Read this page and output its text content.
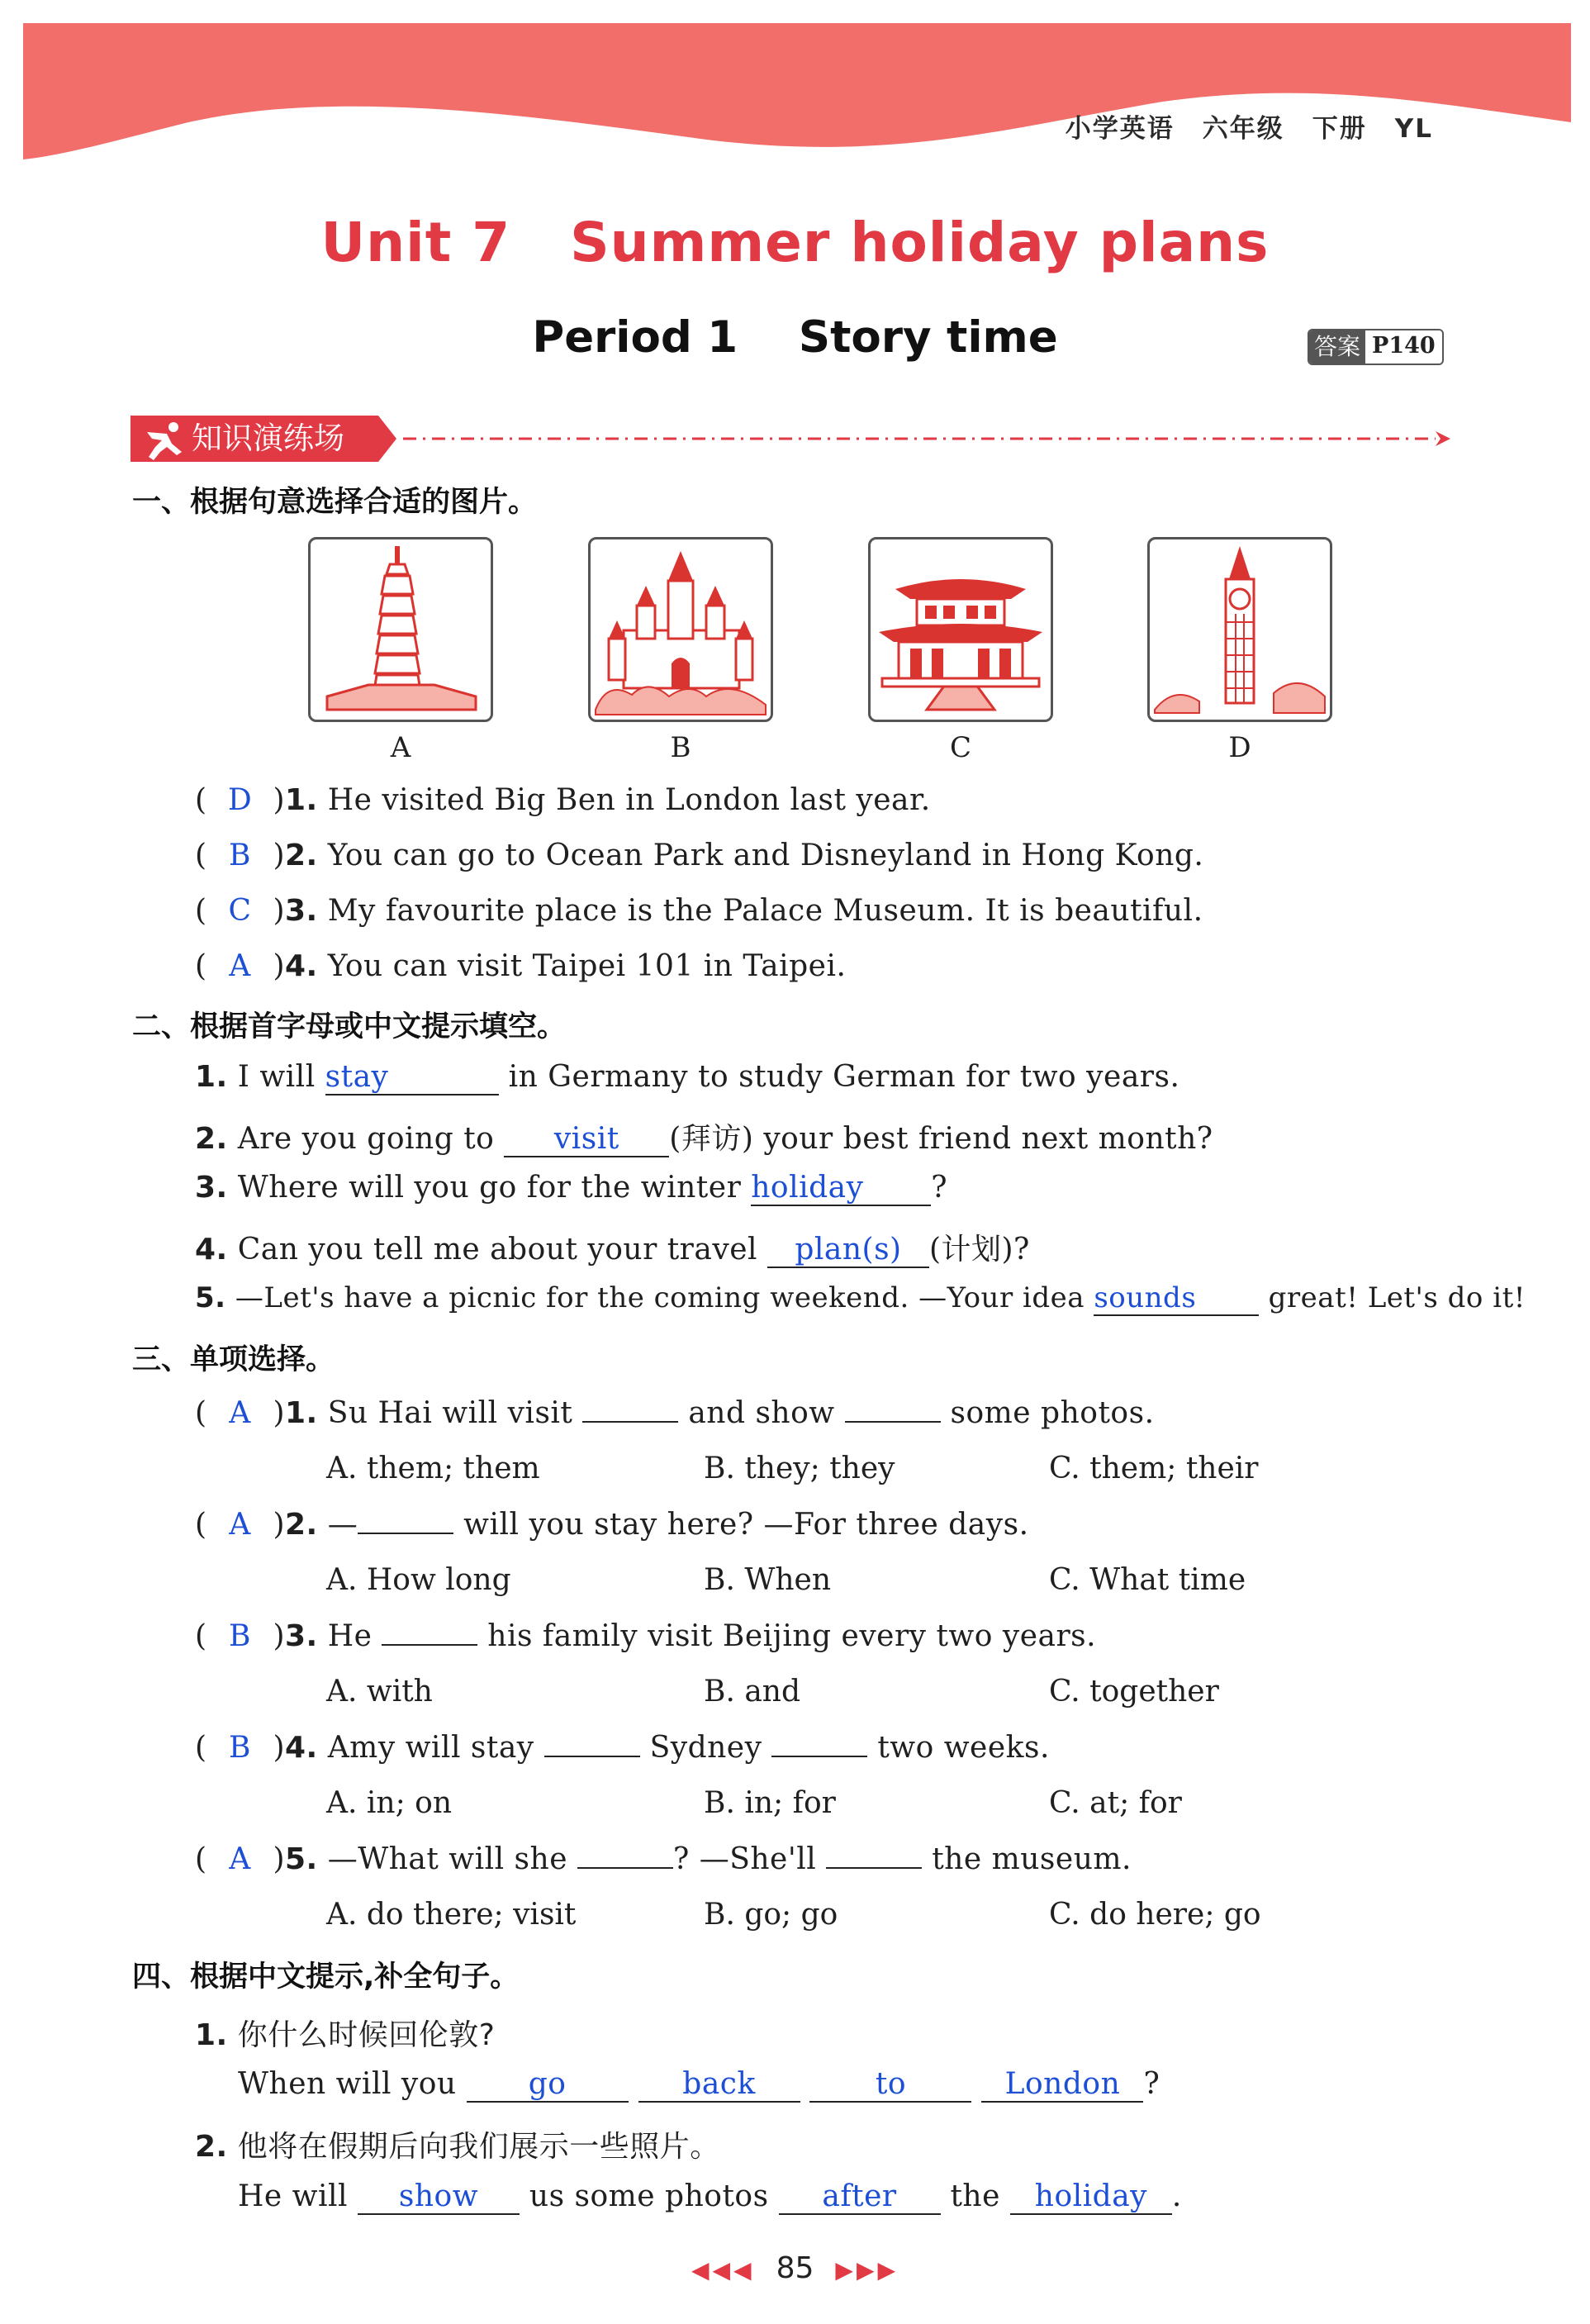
小学英语 六年级 下册 YL
Unit 7   Summer holiday plans
Period 1    Story time	答案 P140
知识演练场
一、根据句意选择合适的图片。
A	B	C	D
( D )1. He visited Big Ben in London last year.
( B )2. You can go to Ocean Park and Disneyland in Hong Kong.
( C )3. My favourite place is the Palace Museum. It is beautiful.
( A )4. You can visit Taipei 101 in Taipei.
二、根据首字母或中文提示填空。
1. I will stay	in Germany to study German for two years.
2. Are you going to visit (拜访) your best friend next month?
3. Where will you go for the winter holiday ?
4. Can you tell me about your travel plan(s) (计划)?
5. —Let's have a picnic for the coming weekend. —Your idea sounds	great! Let's do it!
三、单项选择。
( A )1. Su Hai will visit	and show	some photos.
A. them; them	B. they; they	C. them; their
( A )2. —	will you stay here? —For three days.
A. How long	B. When	C. What time
( B )3. He	his family visit Beijing every two years.
A. with	B. and	C. together
( B )4. Amy will stay	Sydney	two weeks.
A. in; on	B. in; for	C. at; for
( A )5. —What will she	? —She'll	the museum.
A. do there; visit	B. go; go	C. do here; go
四、根据中文提示,补全句子。
1. 你什么时候回伦敦?
When will you go	back	to	London ?
2. 他将在假期后向我们展示一些照片。
He will show us some photos after the holiday .
◀◀◀ 85 ▶▶▶
